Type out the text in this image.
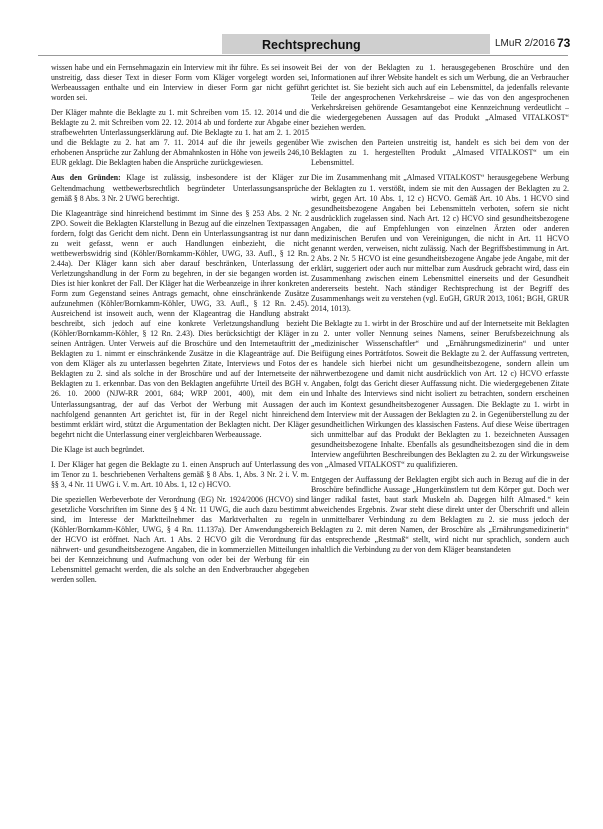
Rechtsprechung	LMuR 2/2016 73

wissen habe und ein Fernsehmagazin ein Interview mit ihr führe. Es sei insoweit unstreitig, dass dieser Text in dieser Form vom Kläger vorgelegt worden sei, Werbeaussagen enthalte und ein Interview in dieser Form gar nicht geführt worden sei.

Der Kläger mahnte die Beklagte zu 1. mit Schreiben vom 15. 12. 2014 und die Beklagte zu 2. mit Schreiben vom 22. 12. 2014 ab und forderte zur Abgabe einer strafbewehrten Unterlassungserklärung auf. Die Beklagte zu 1. hat am 2. 1. 2015 und die Beklagte zu 2. hat am 7. 11. 2014 auf die ihr jeweils gegenüber erhobenen Ansprüche zur Zahlung der Abmahnkosten in Höhe von jeweils 246,10 EUR geklagt. Die Beklagten haben die Ansprüche zurückgewiesen.

Aus den Gründen: Klage ist zulässig, insbesondere ist der Kläger zur Geltendmachung wettbewerbsrechtlich begründeter Unterlassungsansprüche gemäß § 8 Abs. 3 Nr. 2 UWG berechtigt.

Die Klageanträge sind hinreichend bestimmt im Sinne des § 253 Abs. 2 Nr. 2 ZPO. Soweit die Beklagten Klarstellung in Bezug auf die einzelnen Textpassagen fordern, folgt das Gericht dem nicht. Denn ein Unterlassungsantrag ist nur dann zu weit gefasst, wenn er auch Handlungen einbezieht, die nicht wettbewerbswidrig sind (Köhler/Bornkamm-Köhler, UWG, 33. Aufl., § 12 Rn. 2.44a). Der Kläger kann sich aber darauf beschränken, Unterlassung der Verletzungshandlung in der Form zu begehren, in der sie begangen worden ist. Dies ist hier konkret der Fall. Der Kläger hat die Werbeanzeige in ihrer konkreten Form zum Gegenstand seines Antrags gemacht, ohne einschränkende Zusätze aufzunehmen (Köhler/Bornkamm-Köhler, UWG, 33. Aufl., § 12 Rn. 2.45). Ausreichend ist insoweit auch, wenn der Klageantrag die Handlung abstrakt beschreibt, sich jedoch auf eine konkrete Verletzungshandlung bezieht (Köhler/Bornkamm-Köhler, § 12 Rn. 2.43). Dies berücksichtigt der Kläger in seinen Anträgen. Unter Verweis auf die Broschüre und den Internetauftritt der Beklagten zu 1. nimmt er einschränkende Zusätze in die Klageanträge auf. Die von dem Kläger als zu unterlassen begehrten Zitate, Interviews und Fotos der Beklagten zu 2. sind als solche in der Broschüre und auf der Internetseite der Beklagten zu 1. erkennbar. Das von den Beklagten angeführte Urteil des BGH v. 26. 10. 2000 (NJW-RR 2001, 684; WRP 2001, 400), mit dem ein Unterlassungsantrag, der auf das Verbot der Werbung mit Aussagen der nachfolgend genannten Art gerichtet ist, für in der Regel nicht hinreichend bestimmt erklärt wird, stützt die Argumentation der Beklagten nicht. Der Kläger begehrt nicht die Unterlassung einer vergleichbaren Werbeaussage.

Die Klage ist auch begründet.

I. Der Kläger hat gegen die Beklagte zu 1. einen Anspruch auf Unterlassung des im Tenor zu 1. beschriebenen Verhaltens gemäß § 8 Abs. 1, Abs. 3 Nr. 2 i. V. m. §§ 3, 4 Nr. 11 UWG i. V. m. Art. 10 Abs. 1, 12 c) HCVO.

Die speziellen Werbeverbote der Verordnung (EG) Nr. 1924/2006 (HCVO) sind gesetzliche Vorschriften im Sinne des § 4 Nr. 11 UWG, die auch dazu bestimmt sind, im Interesse der Marktteilnehmer das Marktverhalten zu regeln (Köhler/Bornkamm-Köhler, UWG, § 4 Rn. 11.137a). Der Anwendungsbereich der HCVO ist eröffnet. Nach Art. 1 Abs. 2 HCVO gilt die Verordnung für nährwert- und gesundheitsbezogene Angaben, die in kommerziellen Mitteilungen bei der Kennzeichnung und Aufmachung von oder bei der Werbung für ein Lebensmittel gemacht werden, die als solche an den Endverbraucher abgegeben werden sollen.

Bei der von der Beklagten zu 1. herausgegebenen Broschüre und den Informationen auf ihrer Website handelt es sich um Werbung, die an Verbraucher gerichtet ist. Sie bezieht sich auch auf ein Lebensmittel, da jedenfalls relevante Teile der angesprochenen Verkehrskreise – wie das von den angesprochenen Verkehrskreisen gehörende Gesamtangebot eine Kennzeichnung verdeutlicht – die wiedergegebenen Aussagen auf das Produkt „Almased VITALKOST“ beziehen werden.

Wie zwischen den Parteien unstreitig ist, handelt es sich bei dem von der Beklagten zu 1. hergestellten Produkt „Almased VITALKOST“ um ein Lebensmittel.

Die im Zusammenhang mit „Almased VITALKOST“ herausgegebene Werbung der Beklagten zu 1. verstößt, indem sie mit den Aussagen der Beklagten zu 2. wirbt, gegen Art. 10 Abs. 1, 12 c) HCVO. Gemäß Art. 10 Abs. 1 HCVO sind gesundheitsbezogene Angaben bei Lebensmitteln verboten, sofern sie nicht ausdrücklich zugelassen sind. Nach Art. 12 c) HCVO sind gesundheitsbezogene Angaben, die auf Empfehlungen von einzelnen Ärzten oder anderen medizinischen Berufen und von Vereinigungen, die nicht in Art. 11 HCVO genannt werden, verweisen, nicht zulässig. Nach der Begriffsbestimmung in Art. 2 Abs. 2 Nr. 5 HCVO ist eine gesundheitsbezogene Angabe jede Angabe, mit der erklärt, suggeriert oder auch nur mittelbar zum Ausdruck gebracht wird, dass ein Zusammenhang zwischen einem Lebensmittel einerseits und der Gesundheit andererseits besteht. Nach ständiger Rechtsprechung ist der Begriff des Zusammenhangs weit zu verstehen (vgl. EuGH, GRUR 2013, 1061; BGH, GRUR 2014, 1013).

Die Beklagte zu 1. wirbt in der Broschüre und auf der Internetseite mit Beklagten zu 2. unter voller Nennung seines Namens, seiner Berufsbezeichnung als „medizinischer Wissenschaftler“ und „Ernährungsmedizinerin“ und unter Beifügung eines Porträtfotos. Soweit die Beklagte zu 2. der Auffassung vertreten, es handele sich hierbei nicht um gesundheitsbezogene, sondern allein um nährwertbezogene und damit nicht ausdrücklich von Art. 12 c) HCVO erfasste Angaben, folgt das Gericht dieser Auffassung nicht. Die wiedergegebenen Zitate und Inhalte des Interviews sind nicht isoliert zu betrachten, sondern erscheinen auch im Kontext gesundheitsbezogener Aussagen. Die Beklagte zu 1. wirbt in dem Interview mit der Aussagen der Beklagten zu 2. in Gegenüberstellung zu der gesundheitlichen Wirkungen des klassischen Fastens. Auf diese Weise übertragen sich unmittelbar auf das Produkt der Beklagten zu 1. bezeichneten Aussagen gesundheitsbezogene Inhalte. Ebenfalls als gesundheitsbezogen sind die in dem Interview angeführten Beschreibungen des Beklagten zu 2. zu der Wirkungsweise von „Almased VITALKOST“ zu qualifizieren.

Entgegen der Auffassung der Beklagten ergibt sich auch in Bezug auf die in der Broschüre befindliche Aussage „Hungerkünstlern tut dem Körper gut. Doch wer länger radikal fastet, baut stark Muskeln ab. Dagegen hilft Almased.“ kein abweichendes Ergebnis. Zwar steht diese direkt unter der Überschrift und allein in unmittelbarer Verbindung zu dem Beklagten zu 2. sie muss jedoch der Beklagten zu 2. mit deren Namen, der Broschüre als „Ernährungsmedizinerin“ das entsprechende „Restmaß“ stellt, wird nicht nur sprachlich, sondern auch inhaltlich die Verbindung zu der von dem Kläger beanstandeten
